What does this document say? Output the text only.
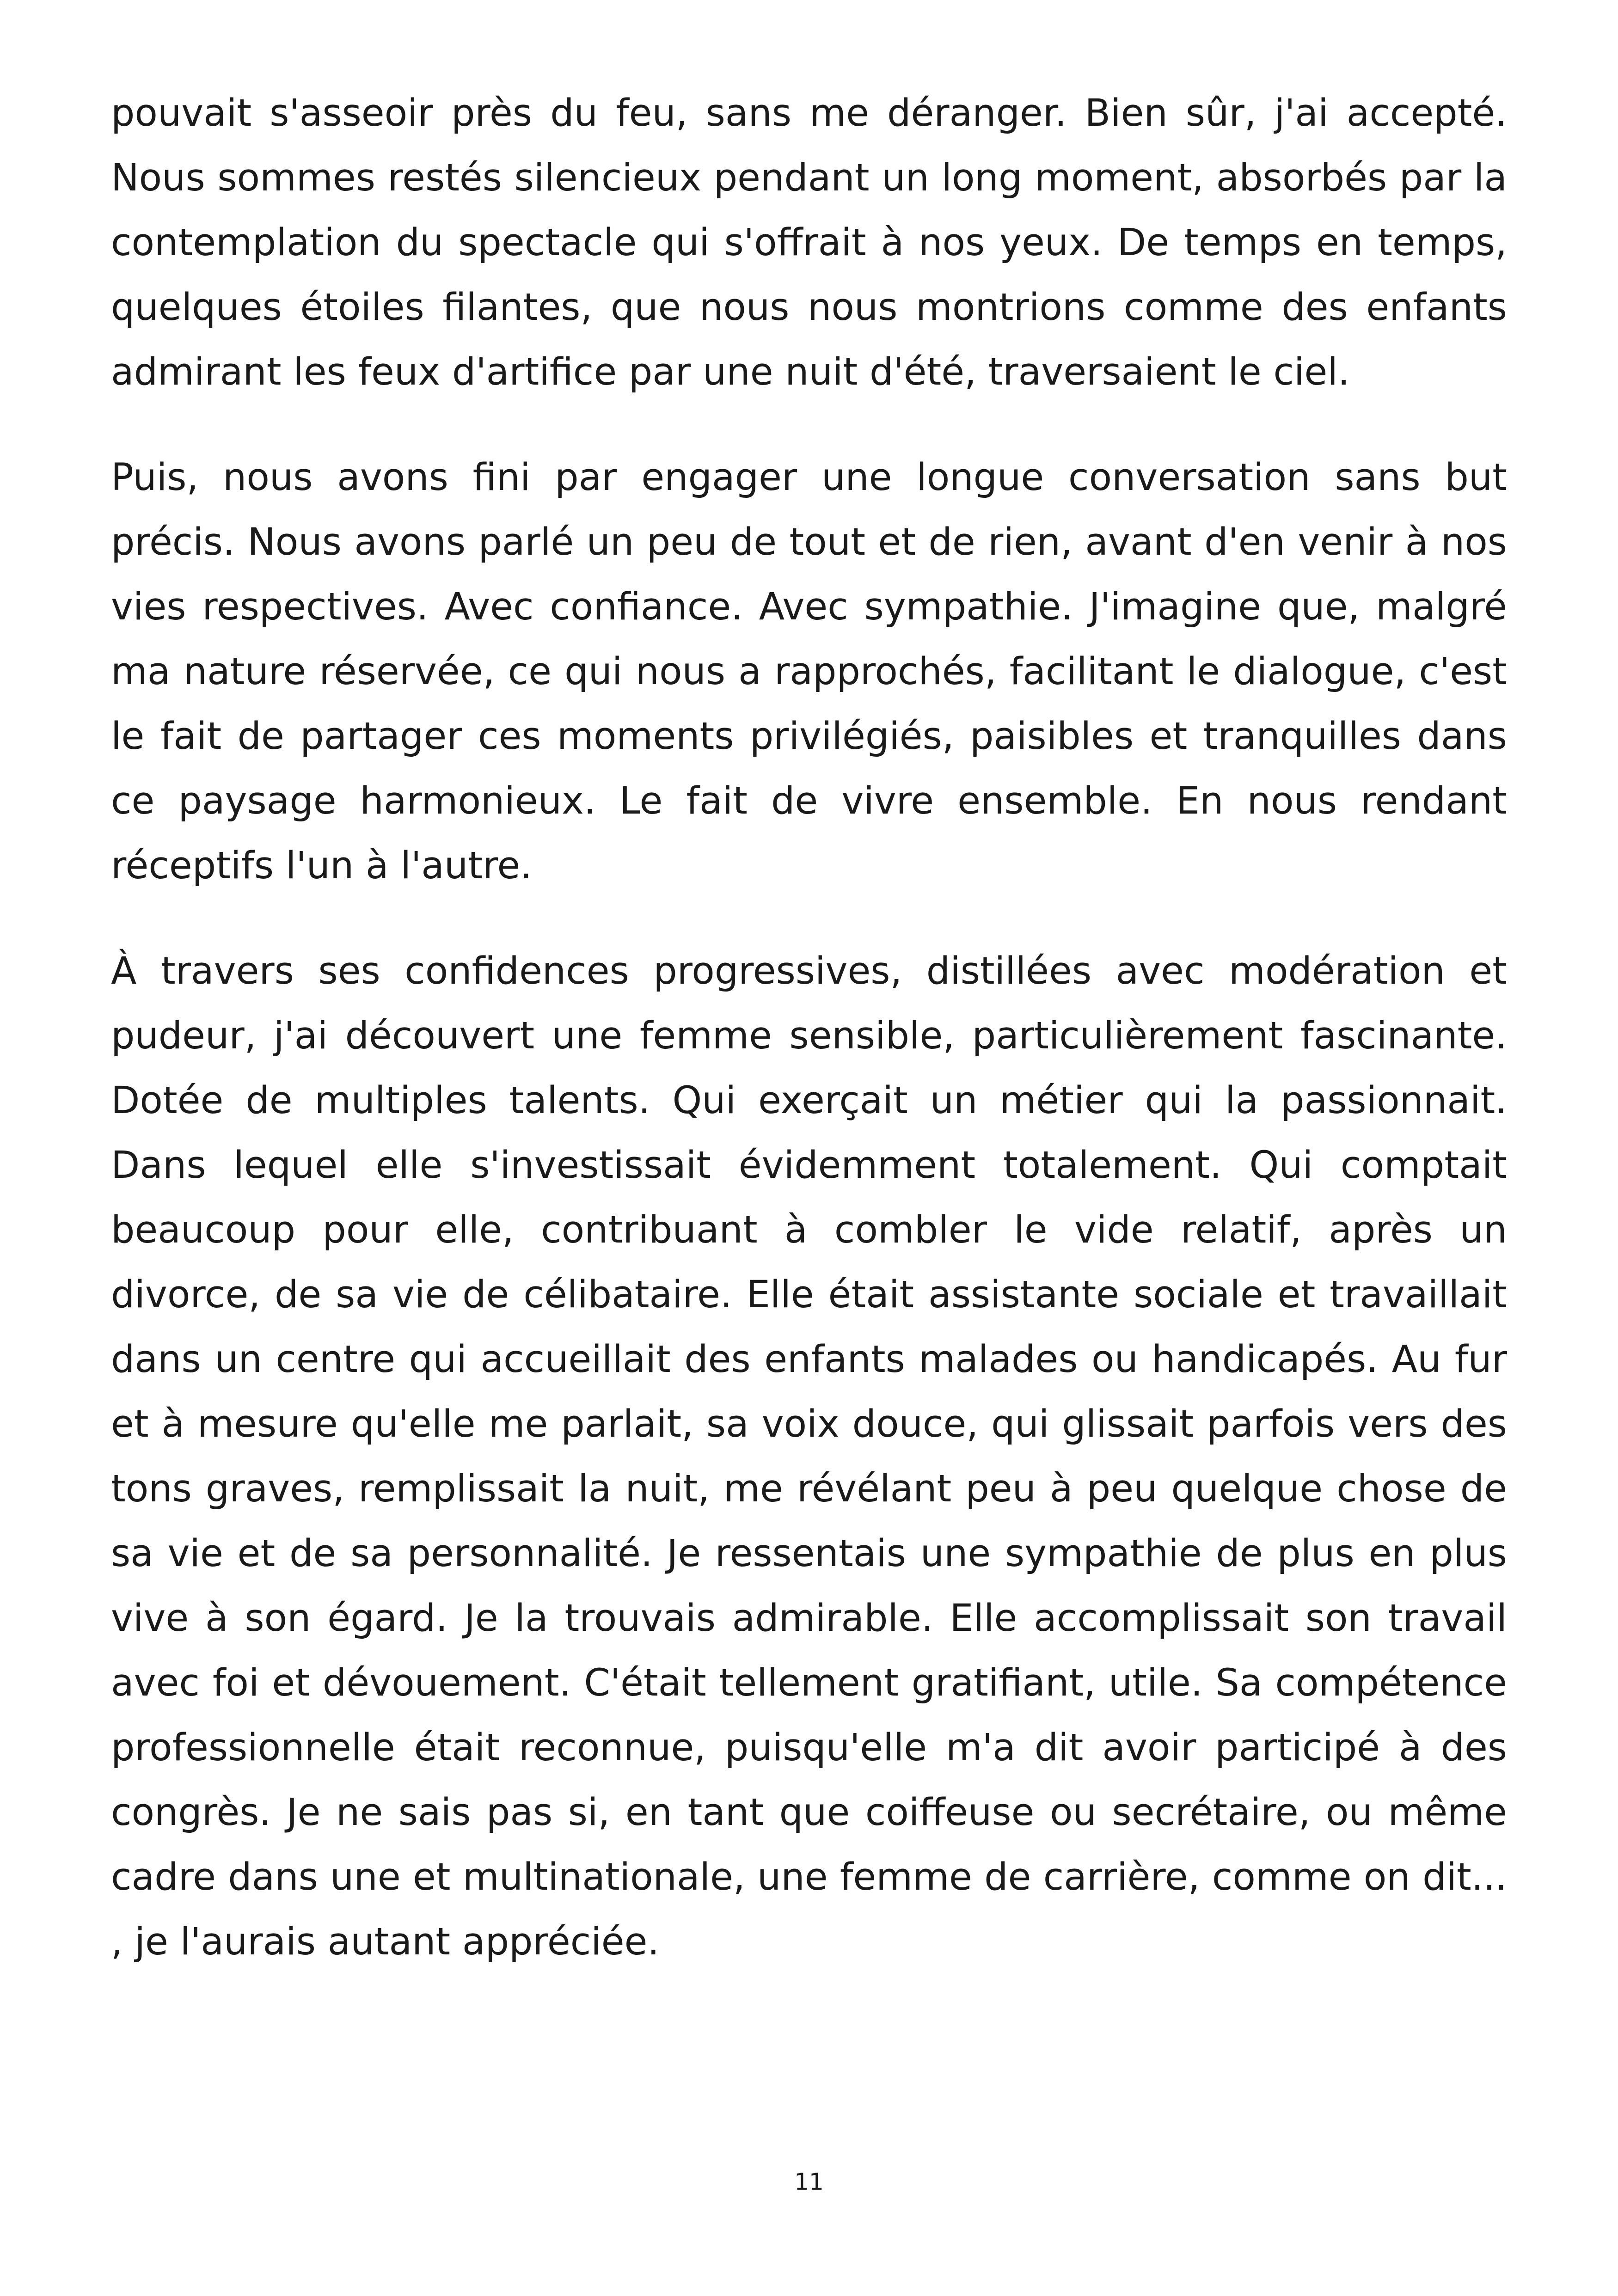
pouvait s'asseoir près du feu, sans me déranger. Bien sûr, j'ai accepté. Nous sommes restés silencieux pendant un long moment, absorbés par la contemplation du spectacle qui s'offrait à nos yeux. De temps en temps, quelques étoiles filantes, que nous nous montrions comme des enfants admirant les feux d'artifice par une nuit d'été, traversaient le ciel.

Puis, nous avons fini par engager une longue conversation sans but précis. Nous avons parlé un peu de tout et de rien, avant d'en venir à nos vies respectives. Avec confiance. Avec sympathie. J'imagine que, malgré ma nature réservée, ce qui nous a rapprochés, facilitant le dialogue, c'est le fait de partager ces moments privilégiés, paisibles et tranquilles dans ce paysage harmonieux. Le fait de vivre ensemble. En nous rendant réceptifs l'un à l'autre.

À travers ses confidences progressives, distillées avec modération et pudeur, j'ai découvert une femme sensible, particulièrement fascinante. Dotée de multiples talents. Qui exerçait un métier qui la passionnait. Dans lequel elle s'investissait évidemment totalement. Qui comptait beaucoup pour elle, contribuant à combler le vide relatif, après un divorce, de sa vie de célibataire. Elle était assistante sociale et travaillait dans un centre qui accueillait des enfants malades ou handicapés. Au fur et à mesure qu'elle me parlait, sa voix douce, qui glissait parfois vers des tons graves, remplissait la nuit, me révélant peu à peu quelque chose de sa vie et de sa personnalité. Je ressentais une sympathie de plus en plus vive à son égard. Je la trouvais admirable. Elle accomplissait son travail avec foi et dévouement. C'était tellement gratifiant, utile. Sa compétence professionnelle était reconnue, puisqu'elle m'a dit avoir participé à des congrès. Je ne sais pas si, en tant que coiffeuse ou secrétaire, ou même cadre dans une et multinationale, une femme de carrière, comme on dit... , je l'aurais autant appréciée.

11
